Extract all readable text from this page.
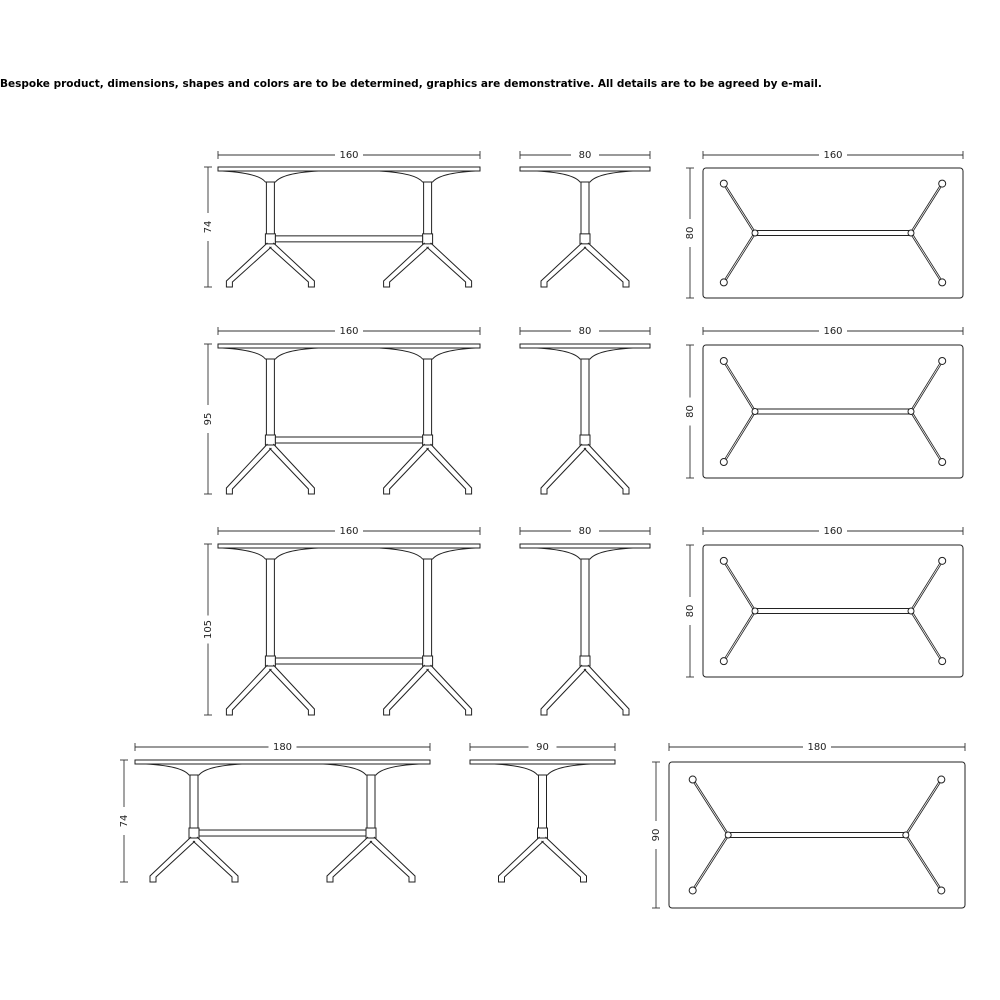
Bespoke product, dimensions, shapes and colors are to be determined, graphics are demonstrative. All details are to be agreed by e-mail.
160
74
80	160
80
160
95
80	160
80
160
105
80	160
80
180
74
90	180
90
